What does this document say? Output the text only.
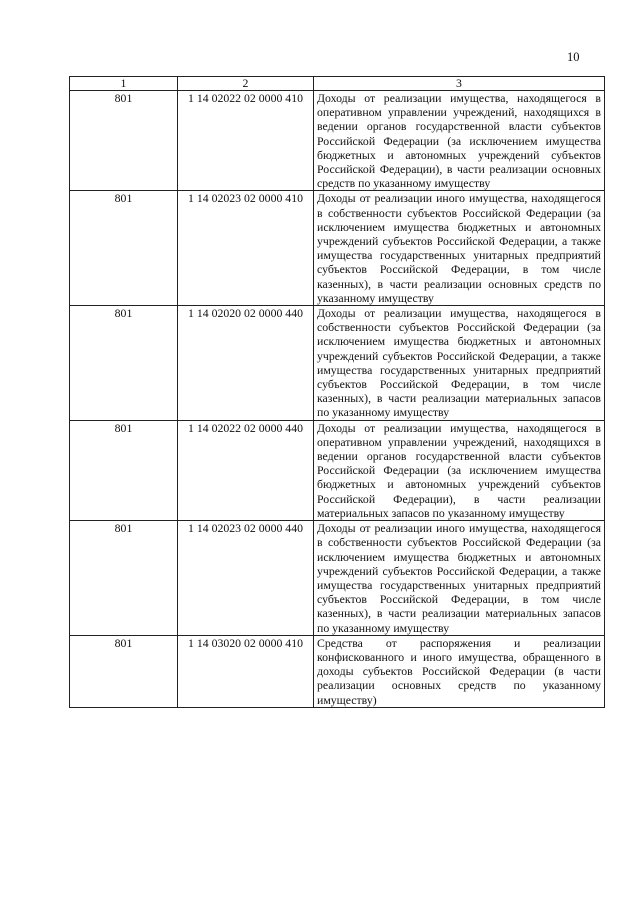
10
1	2	3
801	1 14 02022 02 0000 410	Доходы от реализации имущества, находящегося в оперативном управлении учреждений, находящихся в ведении органов государственной власти субъектов Российской Федерации (за исключением имущества бюджетных и автономных учреждений субъектов Российской Федерации), в части реализации основных средств по указанному имуществу
801	1 14 02023 02 0000 410	Доходы от реализации иного имущества, находящегося в собственности субъектов Российской Федерации (за исключением имущества бюджетных и автономных учреждений субъектов Российской Федерации, а также имущества государственных унитарных предприятий субъектов Российской Федерации, в том числе казенных), в части реализации основных средств по указанному имуществу
801	1 14 02020 02 0000 440	Доходы от реализации имущества, находящегося в собственности субъектов Российской Федерации (за исключением имущества бюджетных и автономных учреждений субъектов Российской Федерации, а также имущества государственных унитарных предприятий субъектов Российской Федерации, в том числе казенных), в части реализации материальных запасов по указанному имуществу
801	1 14 02022 02 0000 440	Доходы от реализации имущества, находящегося в оперативном управлении учреждений, находящихся в ведении органов государственной власти субъектов Российской Федерации (за исключением имущества бюджетных и автономных учреждений субъектов Российской Федерации), в части реализации материальных запасов по указанному имуществу
801	1 14 02023 02 0000 440	Доходы от реализации иного имущества, находящегося в собственности субъектов Российской Федерации (за исключением имущества бюджетных и автономных учреждений субъектов Российской Федерации, а также имущества государственных унитарных предприятий субъектов Российской Федерации, в том числе казенных), в части реализации материальных запасов по указанному имуществу
801	1 14 03020 02 0000 410	Средства от распоряжения и реализации конфискованного и иного имущества, обращенного в доходы субъектов Российской Федерации (в части реализации основных средств по указанному имуществу)
